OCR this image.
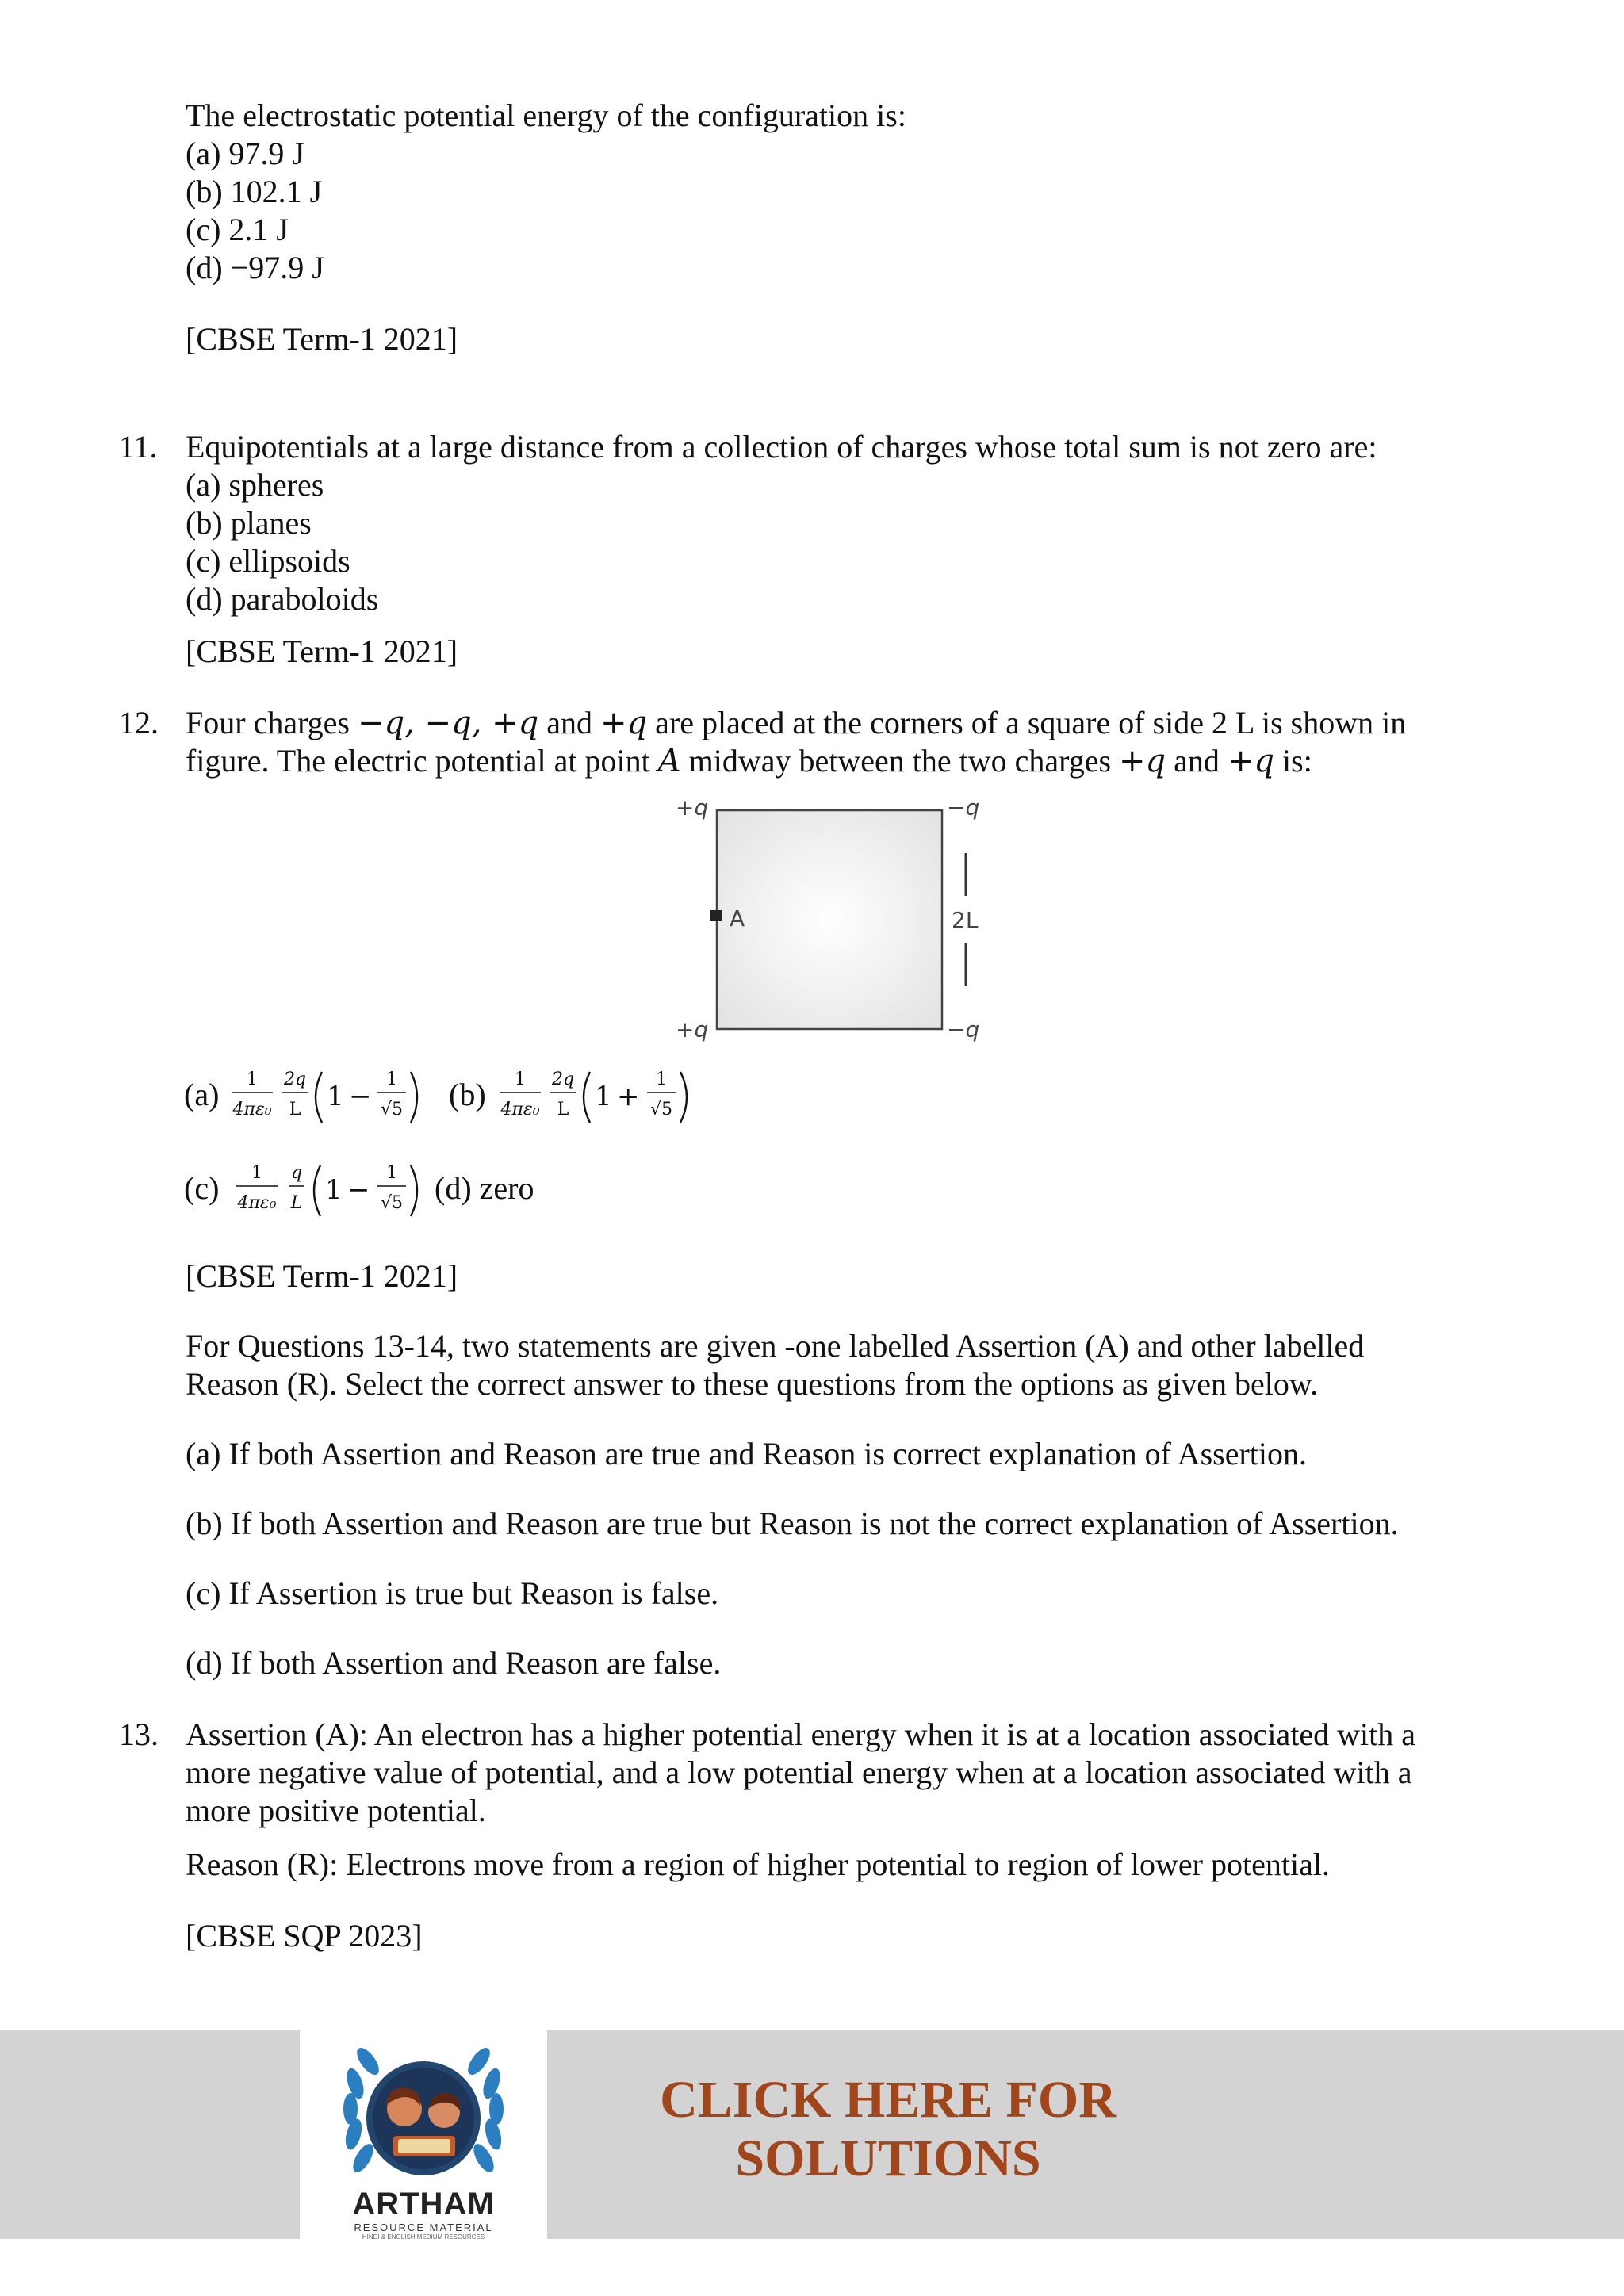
The electrostatic potential energy of the configuration is:
(a) 97.9 J
(b) 102.1 J
(c) 2.1 J
(d) −97.9 J
[CBSE Term-1 2021]
11. Equipotentials at a large distance from a collection of charges whose total sum is not zero are:
(a) spheres
(b) planes
(c) ellipsoids
(d) paraboloids
[CBSE Term-1 2021]
12. Four charges −q, −q, +q and +q are placed at the corners of a square of side 2 L is shown in
figure. The electric potential at point A midway between the two charges +q and +q is:
+q	−q
+q	−q
A	2L
(a) 1
4πε₀
2q
L 1 −
1
√5 (b) 1
4πε₀
2q
L 1 +
1
√5
(c) 1
4πε₀
q
L 1 −
1
√5 (d) zero
[CBSE Term-1 2021]
For Questions 13-14, two statements are given -one labelled Assertion (A) and other labelled
Reason (R). Select the correct answer to these questions from the options as given below.
(a) If both Assertion and Reason are true and Reason is correct explanation of Assertion.
(b) If both Assertion and Reason are true but Reason is not the correct explanation of Assertion.
(c) If Assertion is true but Reason is false.
(d) If both Assertion and Reason are false.
13. Assertion (A): An electron has a higher potential energy when it is at a location associated with a
more negative value of potential, and a low potential energy when at a location associated with a
more positive potential.
Reason (R): Electrons move from a region of higher potential to region of lower potential.
[CBSE SQP 2023]
ARTHAM
RESOURCE MATERIAL
HINDI & ENGLISH MEDIUM RESOURCES
CLICK HERE FOR
SOLUTIONS
